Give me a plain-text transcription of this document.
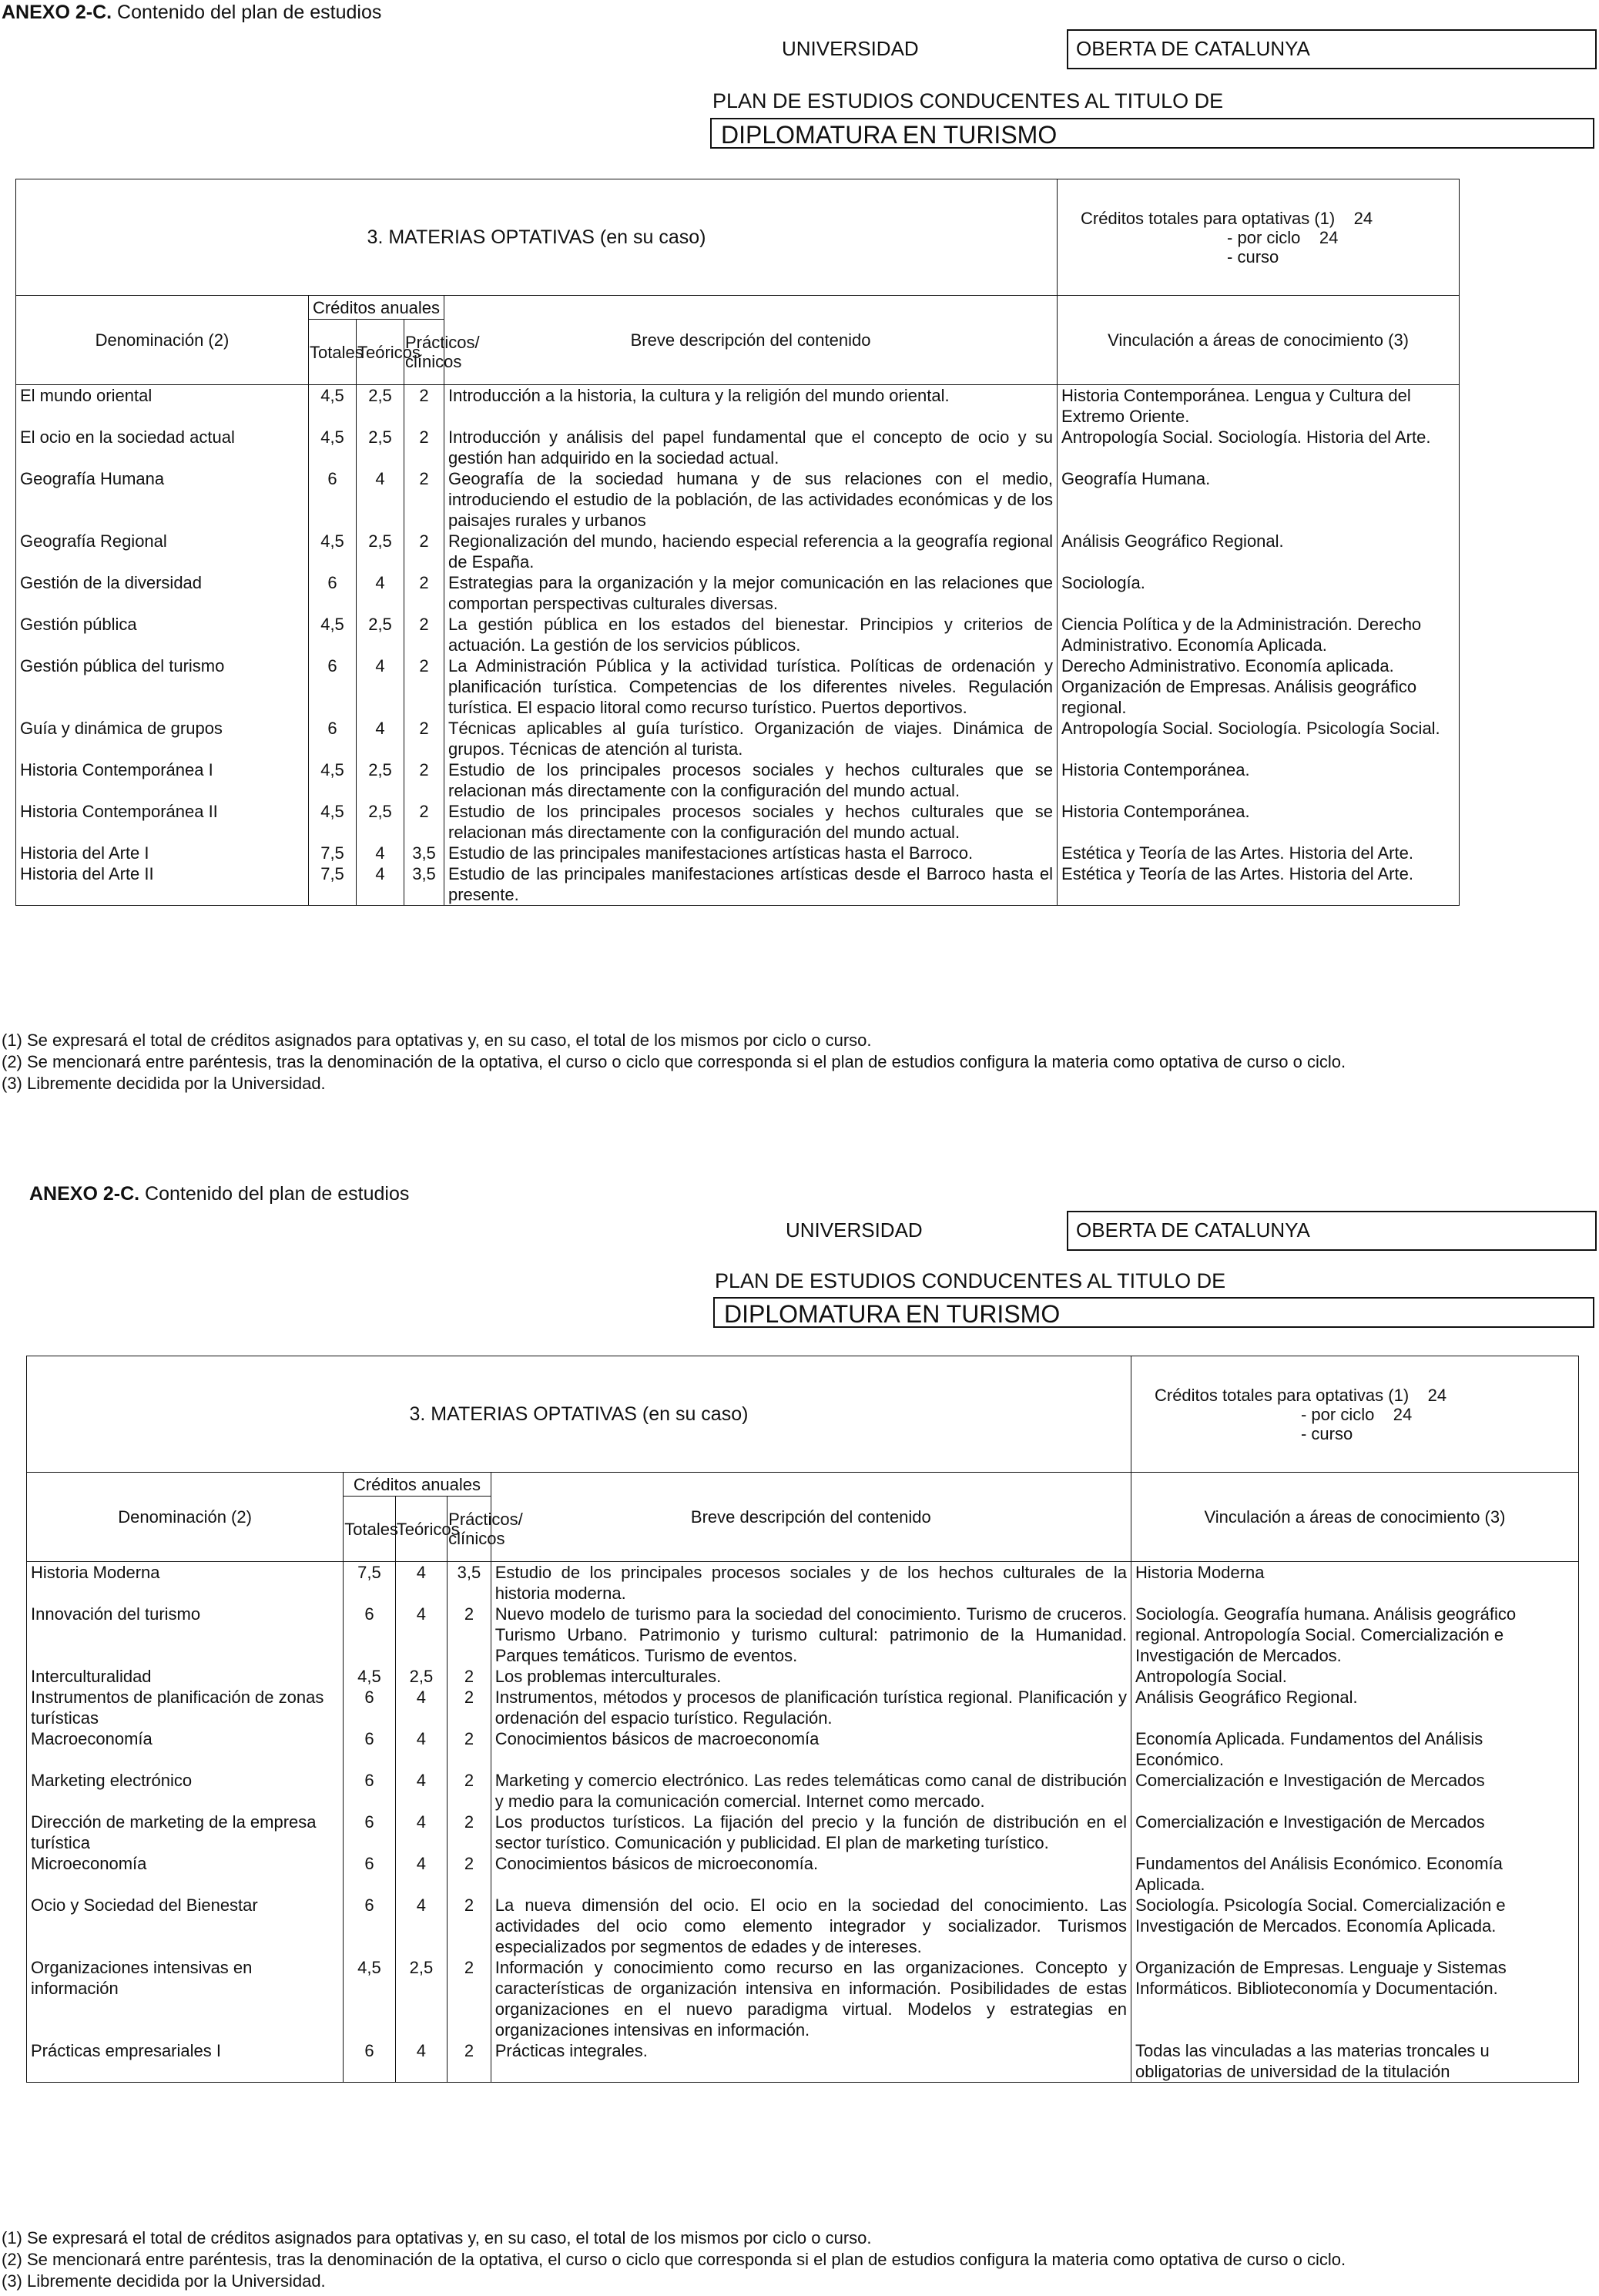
ANEXO 2-C. Contenido del plan de estudios
UNIVERSIDAD	OBERTA DE CATALUNYA
PLAN DE ESTUDIOS CONDUCENTES AL TITULO DE
DIPLOMATURA EN TURISMO
3. MATERIAS OPTATIVAS (en su caso)					Créditos totales para optativas (1) 24
- por ciclo 24
- curso

Denominación (2)	Créditos anuales			Breve descripción del contenido	Vinculación a áreas de conocimiento (3)
	Totales	Teóricos	Prácticos/ clínicos		
El mundo oriental	4,5	2,5	2	Introducción a la historia, la cultura y la religión del mundo oriental.	Historia Contemporánea. Lengua y Cultura del Extremo Oriente.
El ocio en la sociedad actual	4,5	2,5	2	Introducción y análisis del papel fundamental que el concepto de ocio y su gestión han adquirido en la sociedad actual.	Antropología Social. Sociología. Historia del Arte.
Geografía Humana	6	4	2	Geografía de la sociedad humana y de sus relaciones con el medio, introduciendo el estudio de la población, de las actividades económicas y de los paisajes rurales y urbanos	Geografía Humana.
Geografía Regional	4,5	2,5	2	Regionalización del mundo, haciendo especial referencia a la geografía regional de España.	Análisis Geográfico Regional.
Gestión de la diversidad	6	4	2	Estrategias para la organización y la mejor comunicación en las relaciones que comportan perspectivas culturales diversas.	Sociología.
Gestión pública	4,5	2,5	2	La gestión pública en los estados del bienestar. Principios y criterios de actuación. La gestión de los servicios públicos.	Ciencia Política y de la Administración. Derecho Administrativo. Economía Aplicada.
Gestión pública del turismo	6	4	2	La Administración Pública y la actividad turística. Políticas de ordenación y planificación turística. Competencias de los diferentes niveles. Regulación turística. El espacio litoral como recurso turístico. Puertos deportivos.	Derecho Administrativo. Economía aplicada. Organización de Empresas. Análisis geográfico regional.
Guía y dinámica de grupos	6	4	2	Técnicas aplicables al guía turístico. Organización de viajes. Dinámica de grupos. Técnicas de atención al turista.	Antropología Social. Sociología. Psicología Social.
Historia Contemporánea I	4,5	2,5	2	Estudio de los principales procesos sociales y hechos culturales que se relacionan más directamente con la configuración del mundo actual.	Historia Contemporánea.
Historia Contemporánea II	4,5	2,5	2	Estudio de los principales procesos sociales y hechos culturales que se relacionan más directamente con la configuración del mundo actual.	Historia Contemporánea.
Historia del Arte I	7,5	4	3,5	Estudio de las principales manifestaciones artísticas hasta el Barroco.	Estética y Teoría de las Artes. Historia del Arte.
Historia del Arte II	7,5	4	3,5	Estudio de las principales manifestaciones artísticas desde el Barroco hasta el presente.	Estética y Teoría de las Artes. Historia del Arte.
(1) Se expresará el total de créditos asignados para optativas y, en su caso, el total de los mismos por ciclo o curso.
(2) Se mencionará entre paréntesis, tras la denominación de la optativa, el curso o ciclo que corresponda si el plan de estudios configura la materia como optativa de curso o ciclo.
(3) Libremente decidida por la Universidad.
ANEXO 2-C. Contenido del plan de estudios
UNIVERSIDAD	OBERTA DE CATALUNYA
PLAN DE ESTUDIOS CONDUCENTES AL TITULO DE
DIPLOMATURA EN TURISMO
3. MATERIAS OPTATIVAS (en su caso)					Créditos totales para optativas (1) 24
- por ciclo 24
- curso

Denominación (2)	Créditos anuales			Breve descripción del contenido	Vinculación a áreas de conocimiento (3)
	Totales	Teóricos	Prácticos/ clínicos		
Historia Moderna	7,5	4	3,5	Estudio de los principales procesos sociales y de los hechos culturales de la historia moderna.	Historia Moderna
Innovación del turismo	6	4	2	Nuevo modelo de turismo para la sociedad del conocimiento. Turismo de cruceros. Turismo Urbano. Patrimonio y turismo cultural: patrimonio de la Humanidad. Parques temáticos. Turismo de eventos.	Sociología. Geografía humana. Análisis geográfico regional. Antropología Social. Comercialización e Investigación de Mercados.
Interculturalidad	4,5	2,5	2	Los problemas interculturales.	Antropología Social.
Instrumentos de planificación de zonas turísticas	6	4	2	Instrumentos, métodos y procesos de planificación turística regional. Planificación y ordenación del espacio turístico. Regulación.	Análisis Geográfico Regional.
Macroeconomía	6	4	2	Conocimientos básicos de macroeconomía	Economía Aplicada. Fundamentos del Análisis Económico.
Marketing electrónico	6	4	2	Marketing y comercio electrónico. Las redes telemáticas como canal de distribución y medio para la comunicación comercial. Internet como mercado.	Comercialización e Investigación de Mercados
Dirección de marketing de la empresa turística	6	4	2	Los productos turísticos. La fijación del precio y la función de distribución en el sector turístico. Comunicación y publicidad. El plan de marketing turístico.	Comercialización e Investigación de Mercados
Microeconomía	6	4	2	Conocimientos básicos de microeconomía.	Fundamentos del Análisis Económico. Economía Aplicada.
Ocio y Sociedad del Bienestar	6	4	2	La nueva dimensión del ocio. El ocio en la sociedad del conocimiento. Las actividades del ocio como elemento integrador y socializador. Turismos especializados por segmentos de edades y de intereses.	Sociología. Psicología Social. Comercialización e Investigación de Mercados. Economía Aplicada.
Organizaciones intensivas en información	4,5	2,5	2	Información y conocimiento como recurso en las organizaciones. Concepto y características de organización intensiva en información. Posibilidades de estas organizaciones en el nuevo paradigma virtual. Modelos y estrategias en organizaciones intensivas en información.	Organización de Empresas. Lenguaje y Sistemas Informáticos. Biblioteconomía y Documentación.
Prácticas empresariales I	6	4	2	Prácticas integrales.	Todas las vinculadas a las materias troncales u obligatorias de universidad de la titulación
(1) Se expresará el total de créditos asignados para optativas y, en su caso, el total de los mismos por ciclo o curso.
(2) Se mencionará entre paréntesis, tras la denominación de la optativa, el curso o ciclo que corresponda si el plan de estudios configura la materia como optativa de curso o ciclo.
(3) Libremente decidida por la Universidad.
